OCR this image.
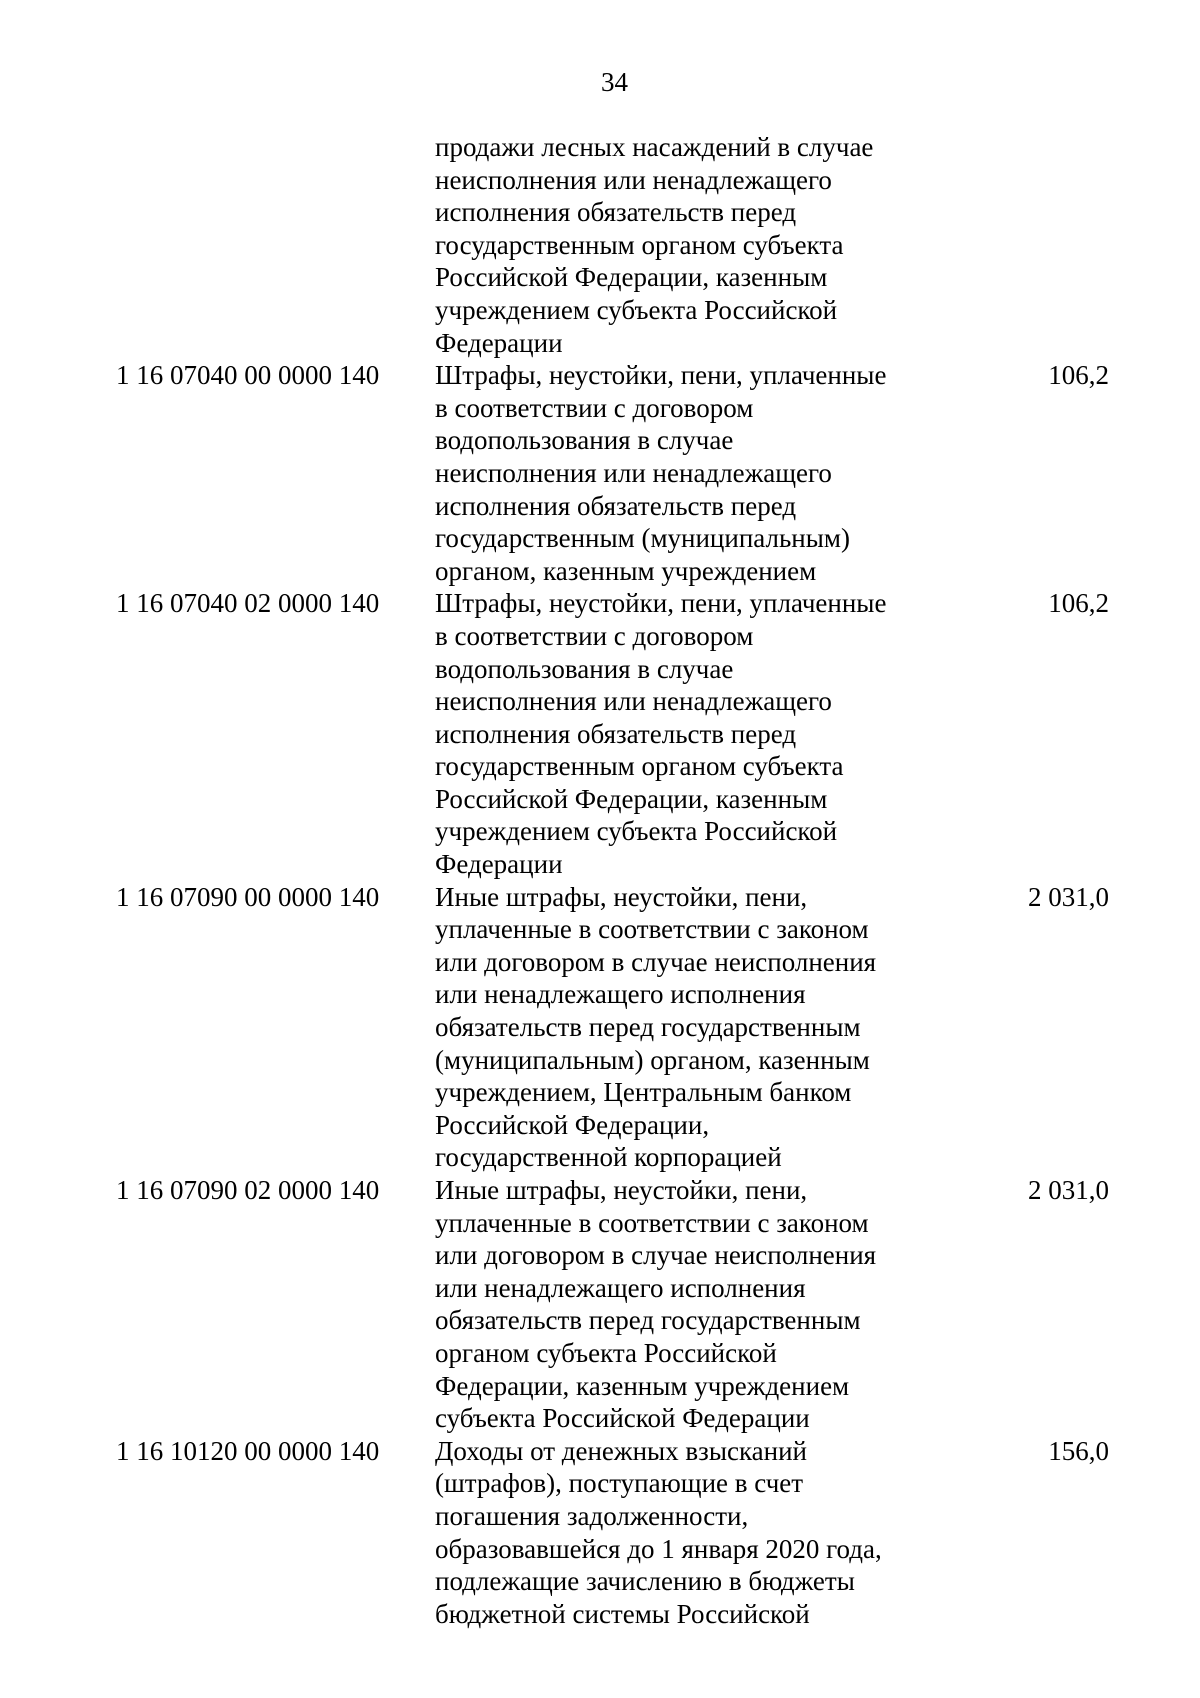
34
продажи лесных насаждений в случае
неисполнения или ненадлежащего
исполнения обязательств перед
государственным органом субъекта
Российской Федерации, казенным
учреждением субъекта Российской
Федерации
1 16 07040 00 0000 140	Штрафы, неустойки, пени, уплаченные
в соответствии с договором
водопользования в случае
неисполнения или ненадлежащего
исполнения обязательств перед
государственным (муниципальным)
органом, казенным учреждением
106,2
1 16 07040 02 0000 140	Штрафы, неустойки, пени, уплаченные
в соответствии с договором
водопользования в случае
неисполнения или ненадлежащего
исполнения обязательств перед
государственным органом субъекта
Российской Федерации, казенным
учреждением субъекта Российской
Федерации
106,2
1 16 07090 00 0000 140	Иные штрафы, неустойки, пени,
уплаченные в соответствии с законом
или договором в случае неисполнения
или ненадлежащего исполнения
обязательств перед государственным
(муниципальным) органом, казенным
учреждением, Центральным банком
Российской Федерации,
государственной корпорацией
2 031,0
1 16 07090 02 0000 140	Иные штрафы, неустойки, пени,
уплаченные в соответствии с законом
или договором в случае неисполнения
или ненадлежащего исполнения
обязательств перед государственным
органом субъекта Российской
Федерации, казенным учреждением
субъекта Российской Федерации
2 031,0
1 16 10120 00 0000 140	Доходы от денежных взысканий
(штрафов), поступающие в счет
погашения задолженности,
образовавшейся до 1 января 2020 года,
подлежащие зачислению в бюджеты
бюджетной системы Российской
156,0
